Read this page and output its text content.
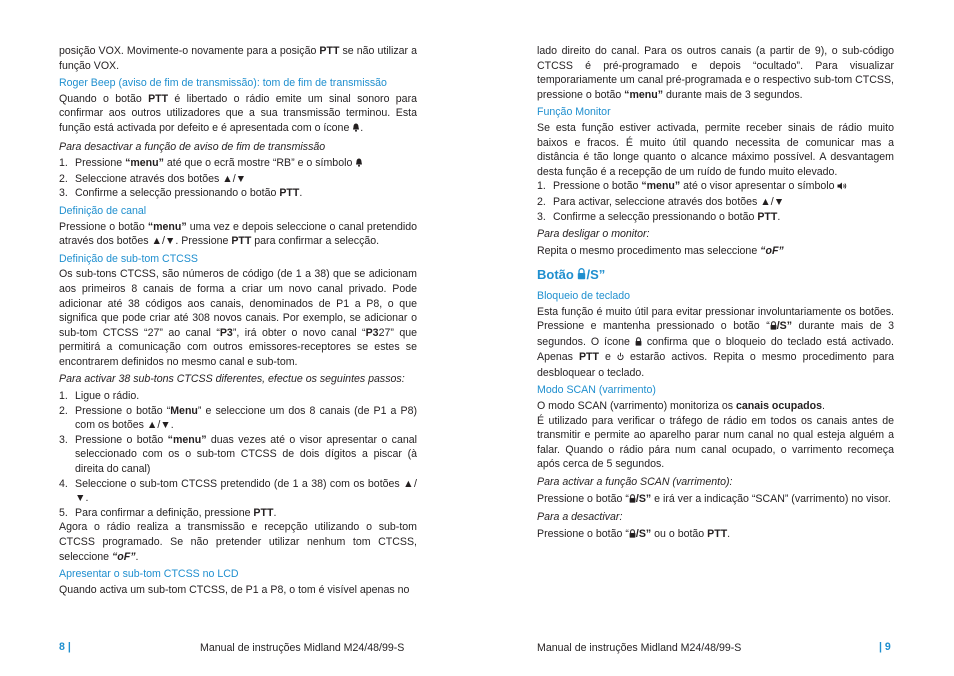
posição VOX. Movimente-o novamente para a posição PTT se não utilizar a função VOX.

Roger Beep (aviso de fim de transmissão): tom de fim de transmissão

Quando o botão PTT é libertado o rádio emite um sinal sonoro para confirmar aos outros utilizadores que a sua transmissão terminou. Esta função está activada por defeito e é apresentada com o ícone .

Para desactivar a função de aviso de fim de transmissão

1. Pressione “menu” até que o ecrã mostre “RB” e o símbolo
2. Seleccione através dos botões ▲/▼
3. Confirme a selecção pressionando o botão PTT.

Definição de canal

Pressione o botão “menu” uma vez e depois seleccione o canal pretendido através dos botões ▲/▼. Pressione PTT para confirmar a selecção.

Definição de sub-tom CTCSS

Os sub-tons CTCSS, são números de código (de 1 a 38) que se adicionam aos primeiros 8 canais de forma a criar um novo canal privado. Pode adicionar até 38 códigos aos canais, denominados de P1 a P8, o que significa que pode criar até 308 novos canais. Por exemplo, se adicionar o sub-tom CTCSS “27” ao canal “P3”, irá obter o novo canal “P327” que permitirá a comunicação com outros emissores-receptores se estes se encontrarem definidos no mesmo canal e sub-tom.

Para activar 38 sub-tons CTCSS diferentes, efectue os seguintes passos:

1. Ligue o rádio.
2. Pressione o botão “Menu” e seleccione um dos 8 canais (de P1 a P8) com os botões ▲/▼.
3. Pressione o botão “menu” duas vezes até o visor apresentar o canal seleccionado com os o sub-tom CTCSS de dois dígitos a piscar (à direita do canal)
4. Seleccione o sub-tom CTCSS pretendido (de 1 a 38) com os botões ▲/▼.
5. Para confirmar a definição, pressione PTT.

Agora o rádio realiza a transmissão e recepção utilizando o sub-tom CTCSS programado. Se não pretender utilizar nenhum tom CTCSS, seleccione “oF”.

Apresentar o sub-tom CTCSS no LCD

Quando activa um sub-tom CTCSS, de P1 a P8, o tom é visível apenas no

lado direito do canal. Para os outros canais (a partir de 9), o sub-código CTCSS é pré-programado e depois “ocultado”. Para visualizar temporariamente um canal pré-programada e o respectivo sub-tom CTCSS, pressione o botão “menu” durante mais de 3 segundos.

Função Monitor

Se esta função estiver activada, permite receber sinais de rádio muito baixos e fracos. É muito útil quando necessita de comunicar mas a distância é tão longe quanto o alcance máximo possível. A desvantagem desta função é a recepção de um ruído de fundo muito elevado.

1. Pressione o botão “menu” até o visor apresentar o símbolo
2. Para activar, seleccione através dos botões ▲/▼
3. Confirme a selecção pressionando o botão PTT.

Para desligar o monitor:

Repita o mesmo procedimento mas seleccione “oF”

Botão /S”

Bloqueio de teclado

Esta função é muito útil para evitar pressionar involuntariamente os botões. Pressione e mantenha pressionado o botão “ /S” durante mais de 3 segundos. O ícone  confirma que o bloqueio do teclado está activado. Apenas PTT e  estarão activos. Repita o mesmo procedimento para desbloquear o teclado.

Modo SCAN (varrimento)

O modo SCAN (varrimento) monitoriza os canais ocupados.

É utilizado para verificar o tráfego de rádio em todos os canais antes de transmitir e permite ao aparelho parar num canal no qual esteja alguém a falar. Quando o rádio pára num canal ocupado, o varrimento recomeça após cerca de 5 segundos.

Para activar a função SCAN (varrimento):

Pressione o botão “ /S” e irá ver a indicação “SCAN” (varrimento) no visor.

Para a desactivar:

Pressione o botão “ /S” ou o botão PTT.

8 |	Manual de instruções Midland M24/48/99-S	Manual de instruções Midland M24/48/99-S	| 9
